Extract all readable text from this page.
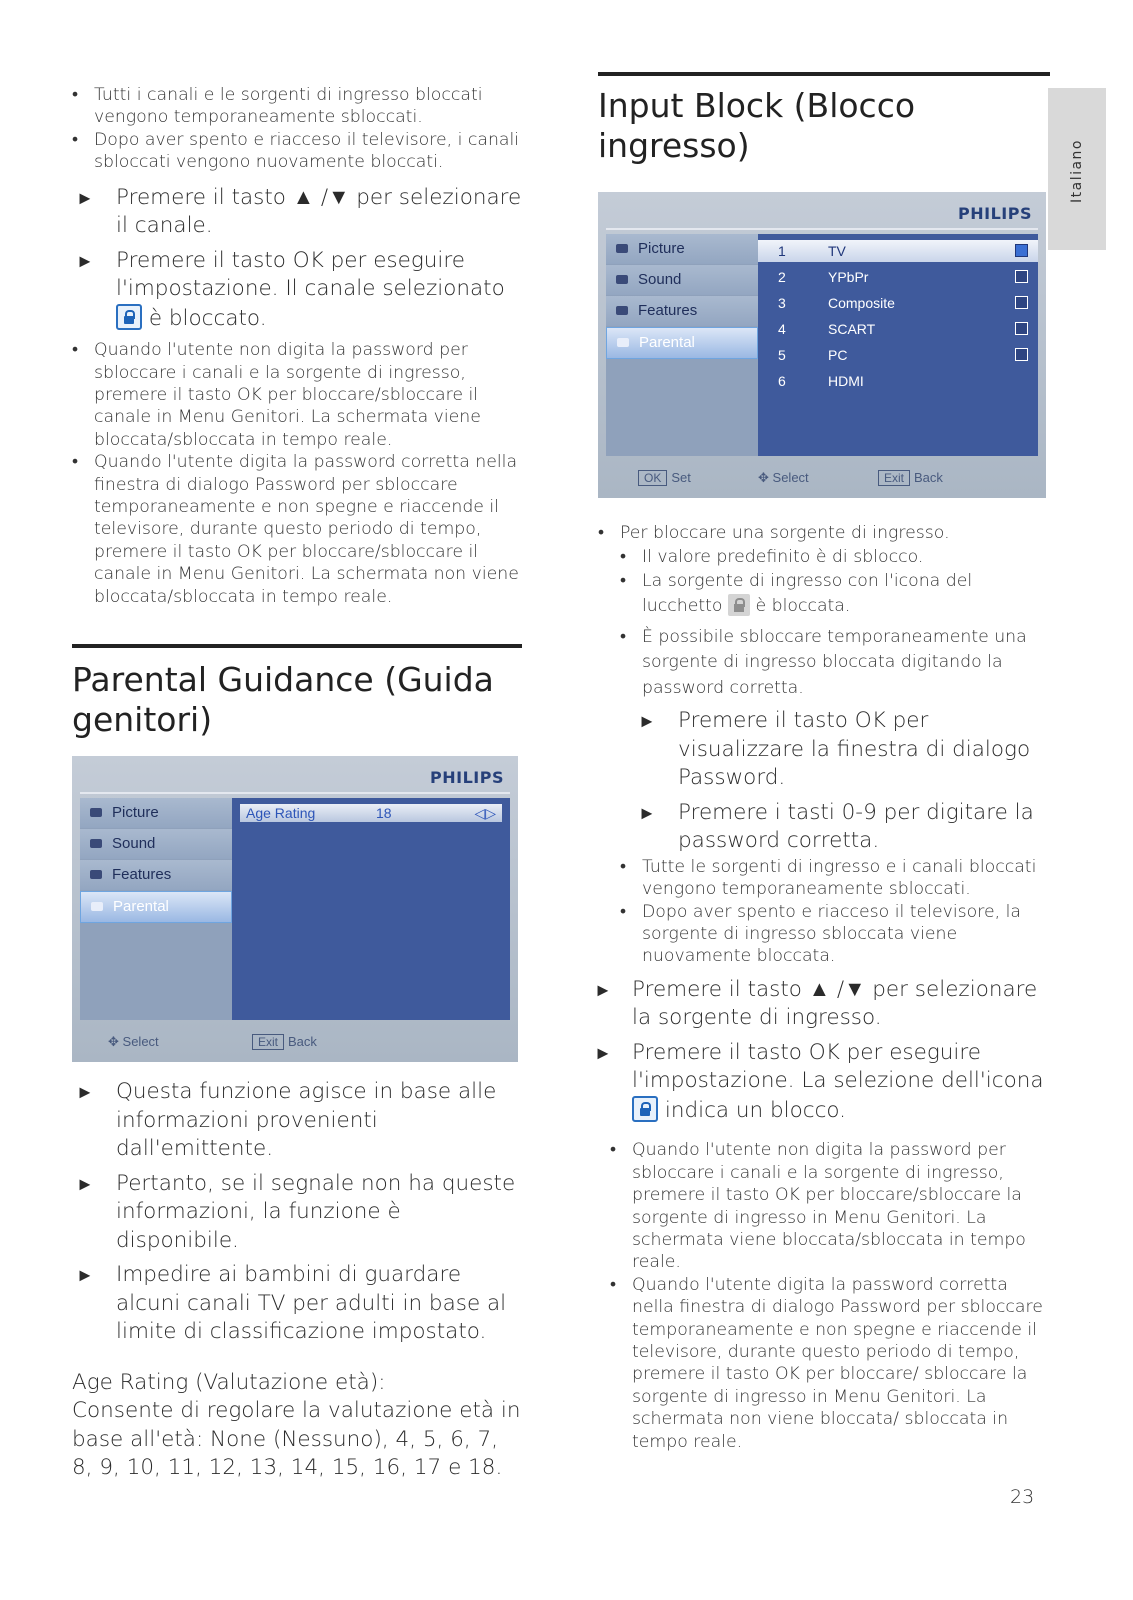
Italiano
• Tutti i canali e le sorgenti di ingresso bloccati vengono temporaneamente sbloccati.
• Dopo aver spento e riacceso il televisore, i canali sbloccati vengono nuovamente bloccati.
► Premere il tasto ▲ /▼ per selezionare il canale.
► Premere il tasto OK per eseguire l'impostazione. Il canale selezionato
è bloccato.
• Quando l'utente non digita la password per sbloccare i canali e la sorgente di ingresso, premere il tasto OK per bloccare/sbloccare il canale in Menu Genitori. La schermata viene bloccata/sbloccata in tempo reale.
• Quando l'utente digita la password corretta nella finestra di dialogo Password per sbloccare temporaneamente e non spegne e riaccende il televisore, durante questo periodo di tempo, premere il tasto OK per bloccare/sbloccare il canale in Menu Genitori. La schermata non viene bloccata/sbloccata in tempo reale.
Parental Guidance (Guida genitori)
PHILIPS
Picture
Sound
Features
Parental
Age Rating	18	◁▷
✥ Select	Exit Back
► Questa funzione agisce in base alle informazioni provenienti dall'emittente.
► Pertanto, se il segnale non ha queste informazioni, la funzione è disponibile.
► Impedire ai bambini di guardare alcuni canali TV per adulti in base al limite di classificazione impostato.
Age Rating (Valutazione età):
Consente di regolare la valutazione età in base all'età: None (Nessuno), 4, 5, 6, 7, 8, 9, 10, 11, 12, 13, 14, 15, 16, 17 e 18.
Input Block (Blocco ingresso)
PHILIPS
Picture
Sound
Features
Parental
1	TV
2	YPbPr
3	Composite
4	SCART
5	PC
6	HDMI
OK Set	✥ Select	Exit Back
• Per bloccare una sorgente di ingresso.
• Il valore predefinito è di sblocco.
• La sorgente di ingresso con l'icona del lucchetto è bloccata.
• È possibile sbloccare temporaneamente una sorgente di ingresso bloccata digitando la password corretta.
► Premere il tasto OK per visualizzare la finestra di dialogo Password.
► Premere i tasti 0-9 per digitare la password corretta.
• Tutte le sorgenti di ingresso e i canali bloccati vengono temporaneamente sbloccati.
• Dopo aver spento e riacceso il televisore, la sorgente di ingresso sbloccata viene nuovamente bloccata.
► Premere il tasto ▲ /▼ per selezionare la sorgente di ingresso.
► Premere il tasto OK per eseguire l'impostazione. La selezione dell'icona
indica un blocco.
• Quando l'utente non digita la password per sbloccare i canali e la sorgente di ingresso, premere il tasto OK per bloccare/sbloccare la sorgente di ingresso in Menu Genitori. La schermata viene bloccata/sbloccata in tempo reale.
• Quando l'utente digita la password corretta nella finestra di dialogo Password per sbloccare temporaneamente e non spegne e riaccende il televisore, durante questo periodo di tempo, premere il tasto OK per bloccare/ sbloccare la sorgente di ingresso in Menu Genitori. La schermata non viene bloccata/ sbloccata in tempo reale.
23
